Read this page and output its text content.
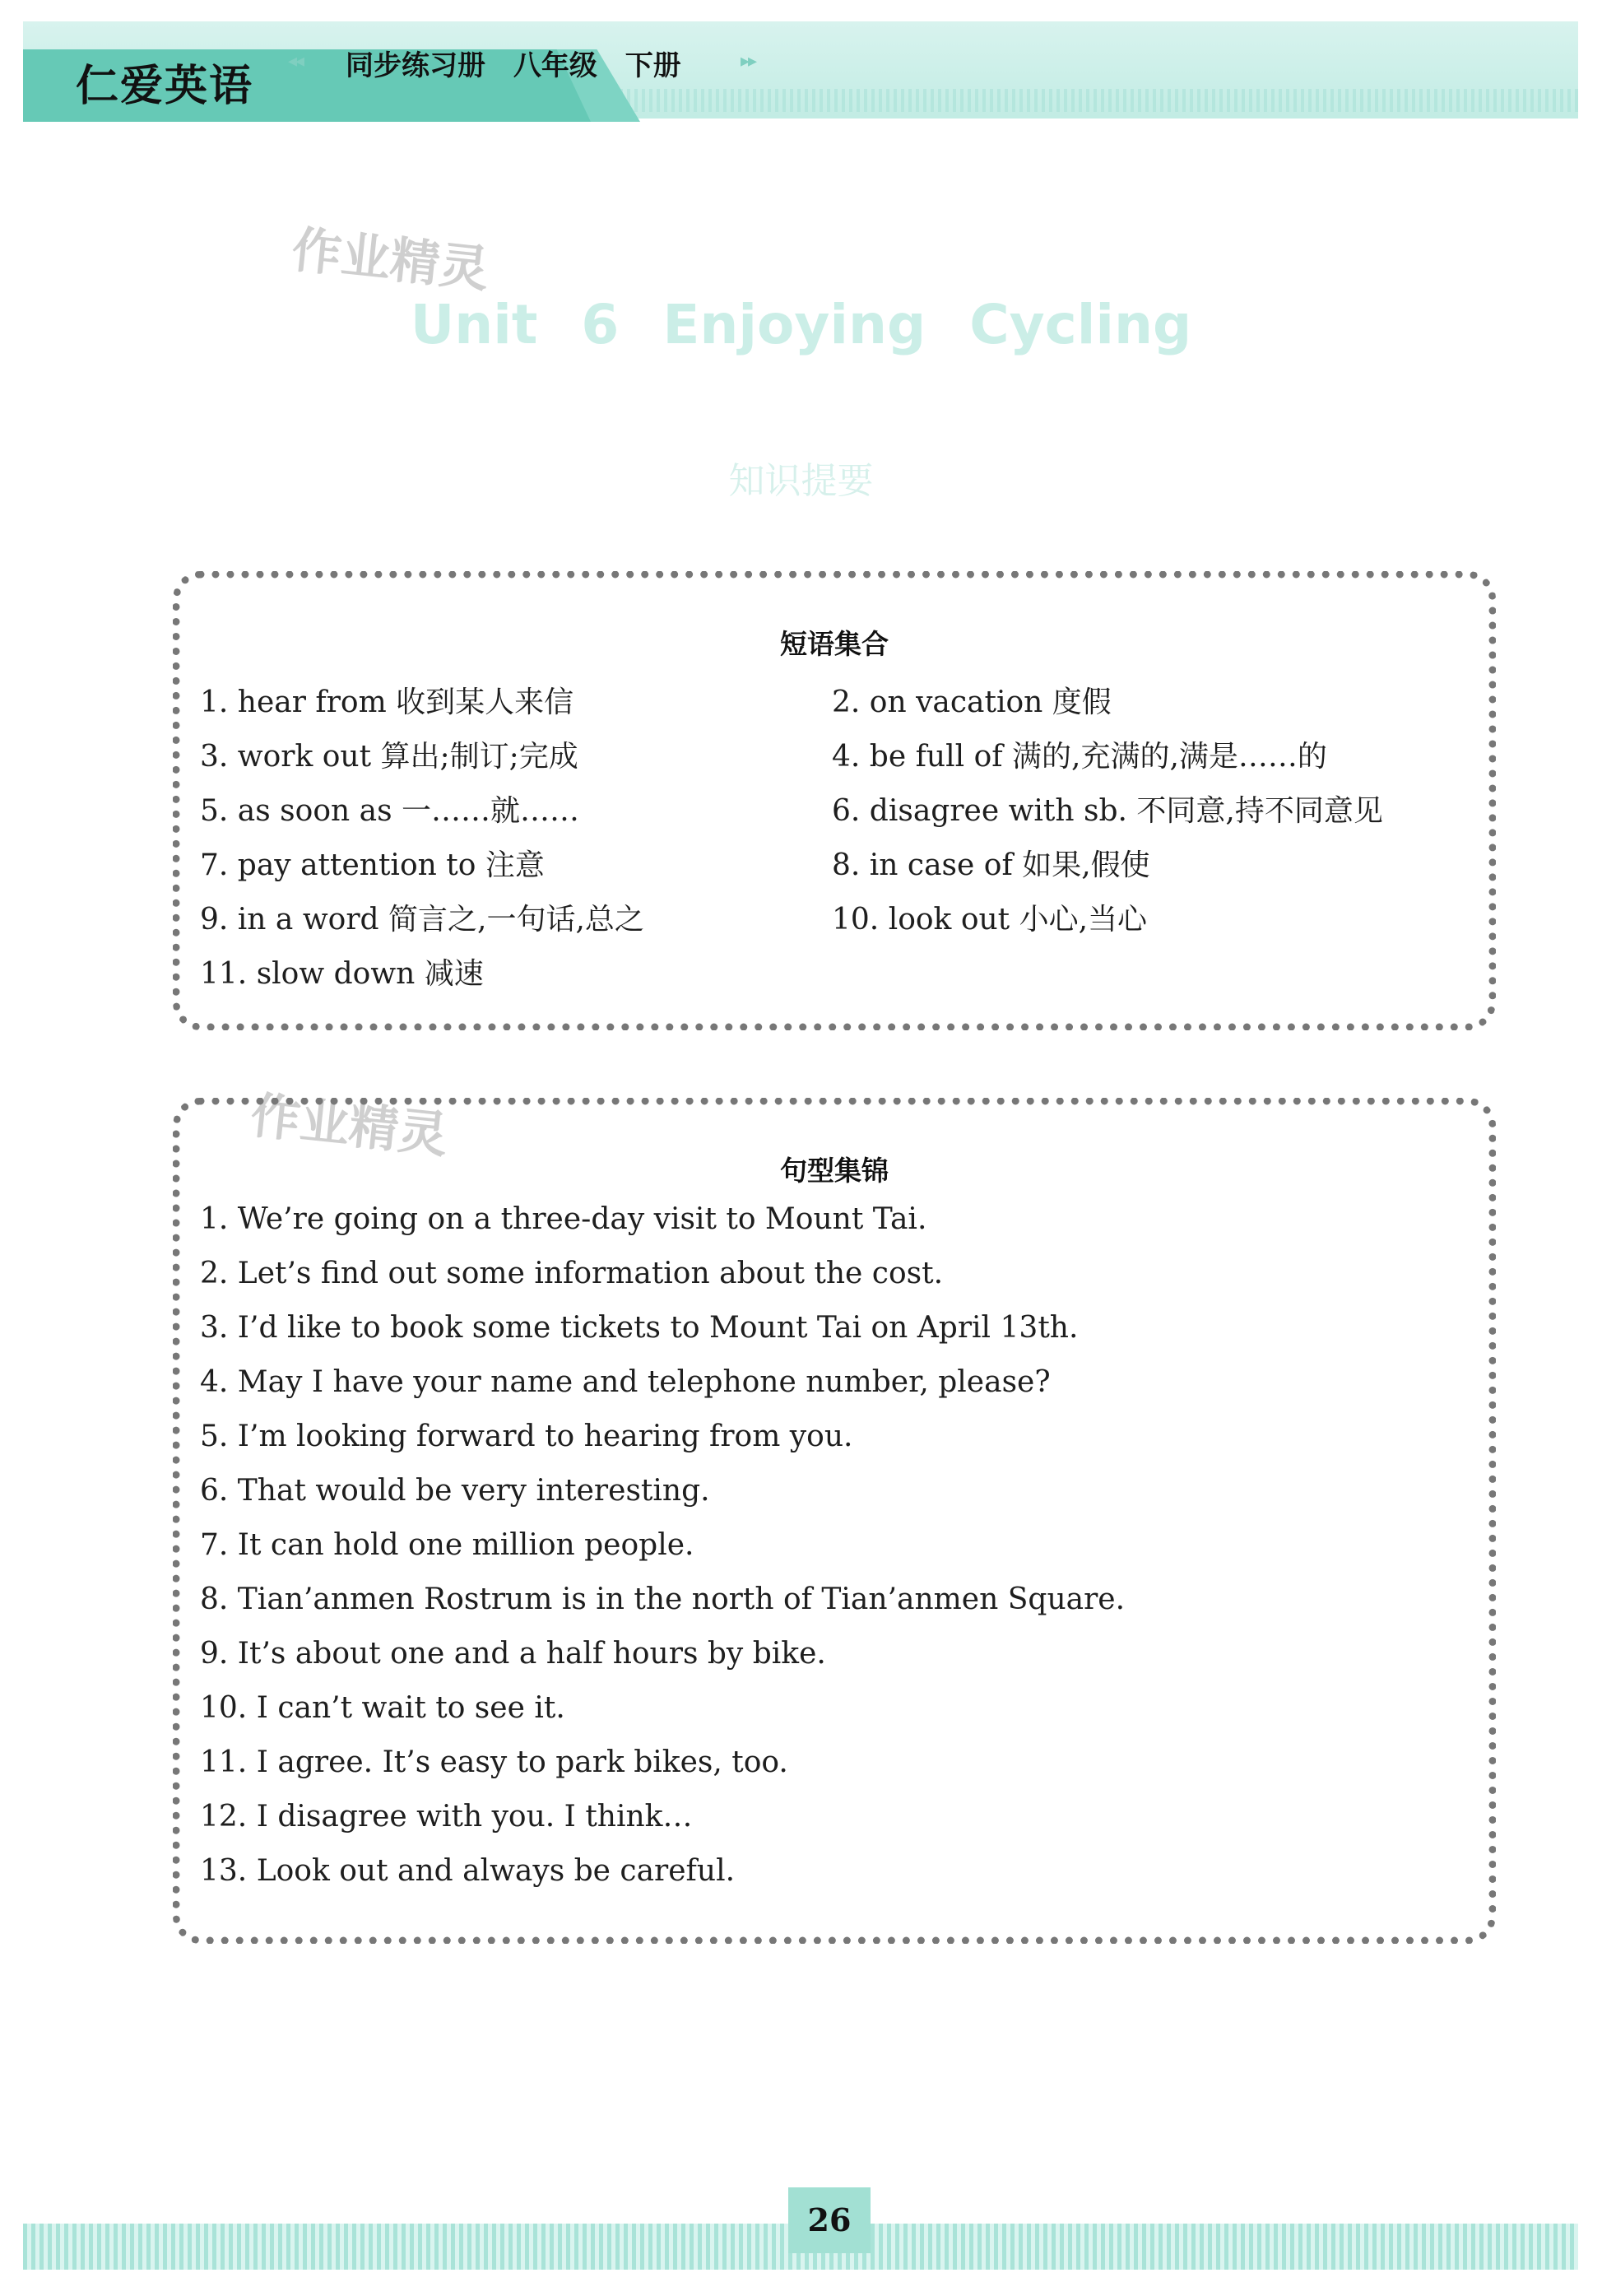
仁爱英语
◂◂ 同步练习册 八年级 下册	▸▸
作业精灵
作业精灵
Unit 6 Enjoying Cycling
知识提要
短语集合
1. hear from 收到某人来信	2. on vacation 度假
3. work out 算出;制订;完成	4. be full of 满的,充满的,满是……的
5. as soon as 一……就……	6. disagree with sb. 不同意,持不同意见
7. pay attention to 注意	8. in case of 如果,假使
9. in a word 简言之,一句话,总之	10. look out 小心,当心
11. slow down 减速
句型集锦
1. We’re going on a three-day visit to Mount Tai.
2. Let’s find out some information about the cost.
3. I’d like to book some tickets to Mount Tai on April 13th.
4. May I have your name and telephone number, please?
5. I’m looking forward to hearing from you.
6. That would be very interesting.
7. It can hold one million people.
8. Tian’anmen Rostrum is in the north of Tian’anmen Square.
9. It’s about one and a half hours by bike.
10. I can’t wait to see it.
11. I agree. It’s easy to park bikes, too.
12. I disagree with you. I think…
13. Look out and always be careful.
26
